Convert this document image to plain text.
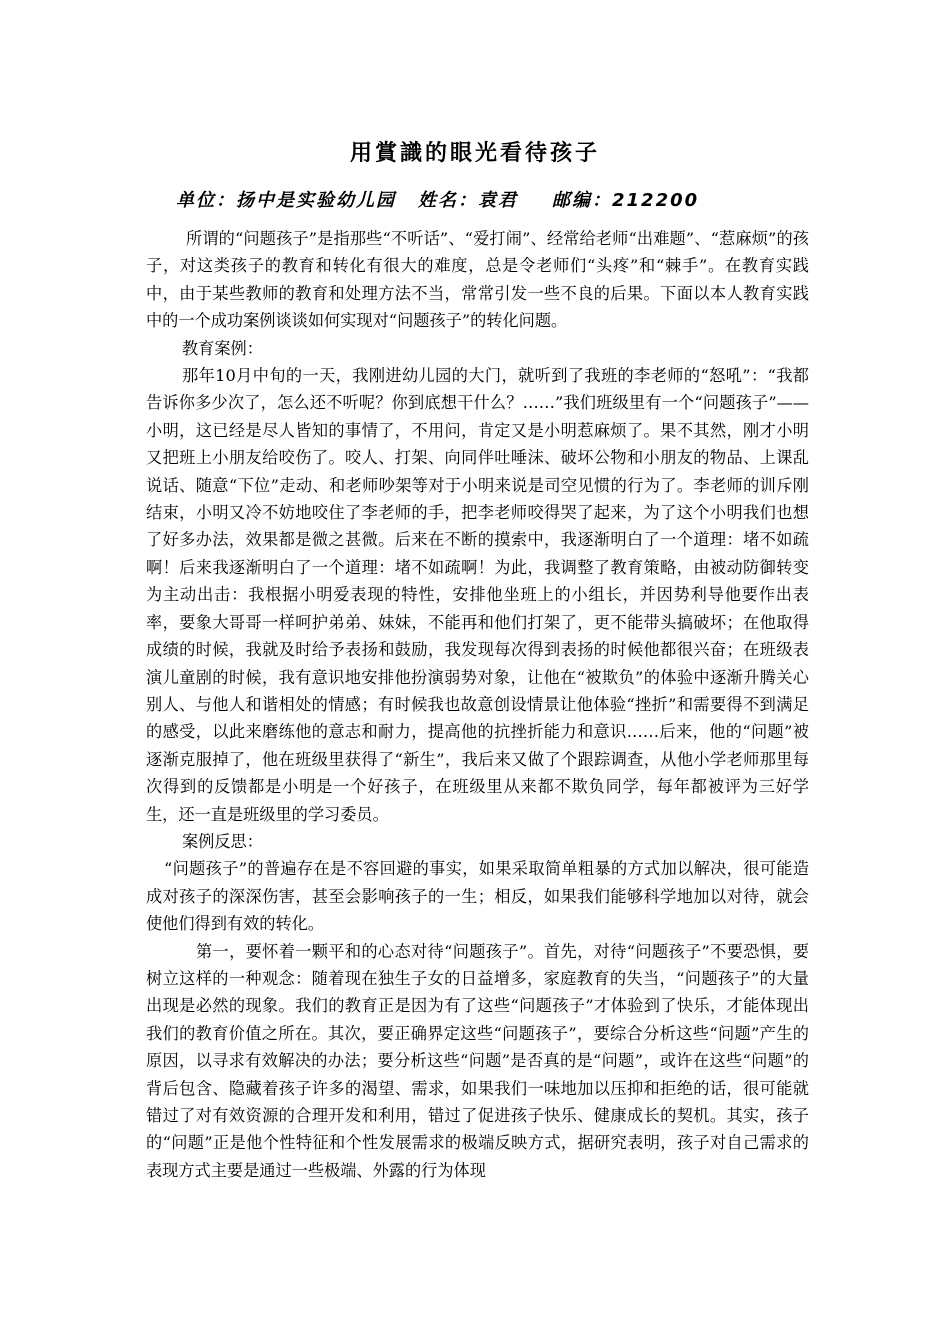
用賞識的眼光看待孩子
单位：扬中是实验幼儿园 姓名：袁君 邮编：212200

所谓的“问题孩子”是指那些“不听话”、“爱打闹”、经常给老师“出难题”、“惹麻烦”的孩子，对这类孩子的教育和转化有很大的难度，总是令老师们“头疼”和“棘手”。在教育实践中，由于某些教师的教育和处理方法不当，常常引发一些不良的后果。下面以本人教育实践中的一个成功案例谈谈如何实现对“问题孩子”的转化问题。

教育案例：

那年10月中旬的一天，我刚进幼儿园的大门，就听到了我班的李老师的“怒吼”：“我都告诉你多少次了，怎么还不听呢？你到底想干什么？……”我们班级里有一个“问题孩子”——小明，这已经是尽人皆知的事情了，不用问，肯定又是小明惹麻烦了。果不其然，刚才小明又把班上小朋友给咬伤了。咬人、打架、向同伴吐唾沫、破坏公物和小朋友的物品、上课乱说话、随意“下位”走动、和老师吵架等对于小明来说是司空见惯的行为了。李老师的训斥刚结束，小明又冷不妨地咬住了李老师的手，把李老师咬得哭了起来，为了这个小明我们也想了好多办法，效果都是微之甚微。后来在不断的摸索中，我逐渐明白了一个道理：堵不如疏啊！后来我逐渐明白了一个道理：堵不如疏啊！为此，我调整了教育策略，由被动防御转变为主动出击：我根据小明爱表现的特性，安排他坐班上的小组长，并因势利导他要作出表率，要象大哥哥一样呵护弟弟、妹妹，不能再和他们打架了，更不能带头搞破坏；在他取得成绩的时候，我就及时给予表扬和鼓励，我发现每次得到表扬的时候他都很兴奋；在班级表演儿童剧的时候，我有意识地安排他扮演弱势对象，让他在“被欺负”的体验中逐渐升腾关心别人、与他人和谐相处的情感；有时候我也故意创设情景让他体验“挫折”和需要得不到满足的感受，以此来磨练他的意志和耐力，提高他的抗挫折能力和意识……后来，他的“问题”被逐渐克服掉了，他在班级里获得了“新生”，我后来又做了个跟踪调查，从他小学老师那里每次得到的反馈都是小明是一个好孩子，在班级里从来都不欺负同学，每年都被评为三好学生，还一直是班级里的学习委员。

案例反思：

“问题孩子”的普遍存在是不容回避的事实，如果采取简单粗暴的方式加以解决，很可能造成对孩子的深深伤害，甚至会影响孩子的一生；相反，如果我们能够科学地加以对待，就会使他们得到有效的转化。

第一，要怀着一颗平和的心态对待“问题孩子”。首先，对待“问题孩子”不要恐惧，要树立这样的一种观念：随着现在独生子女的日益增多，家庭教育的失当，“问题孩子”的大量出现是必然的现象。我们的教育正是因为有了这些“问题孩子”才体验到了快乐，才能体现出我们的教育价值之所在。其次，要正确界定这些“问题孩子”，要综合分析这些“问题”产生的原因，以寻求有效解决的办法；要分析这些“问题”是否真的是“问题”，或许在这些“问题”的背后包含、隐藏着孩子许多的渴望、需求，如果我们一味地加以压抑和拒绝的话，很可能就错过了对有效资源的合理开发和利用，错过了促进孩子快乐、健康成长的契机。其实，孩子的“问题”正是他个性特征和个性发展需求的极端反映方式，据研究表明，孩子对自己需求的表现方式主要是通过一些极端、外露的行为体现
